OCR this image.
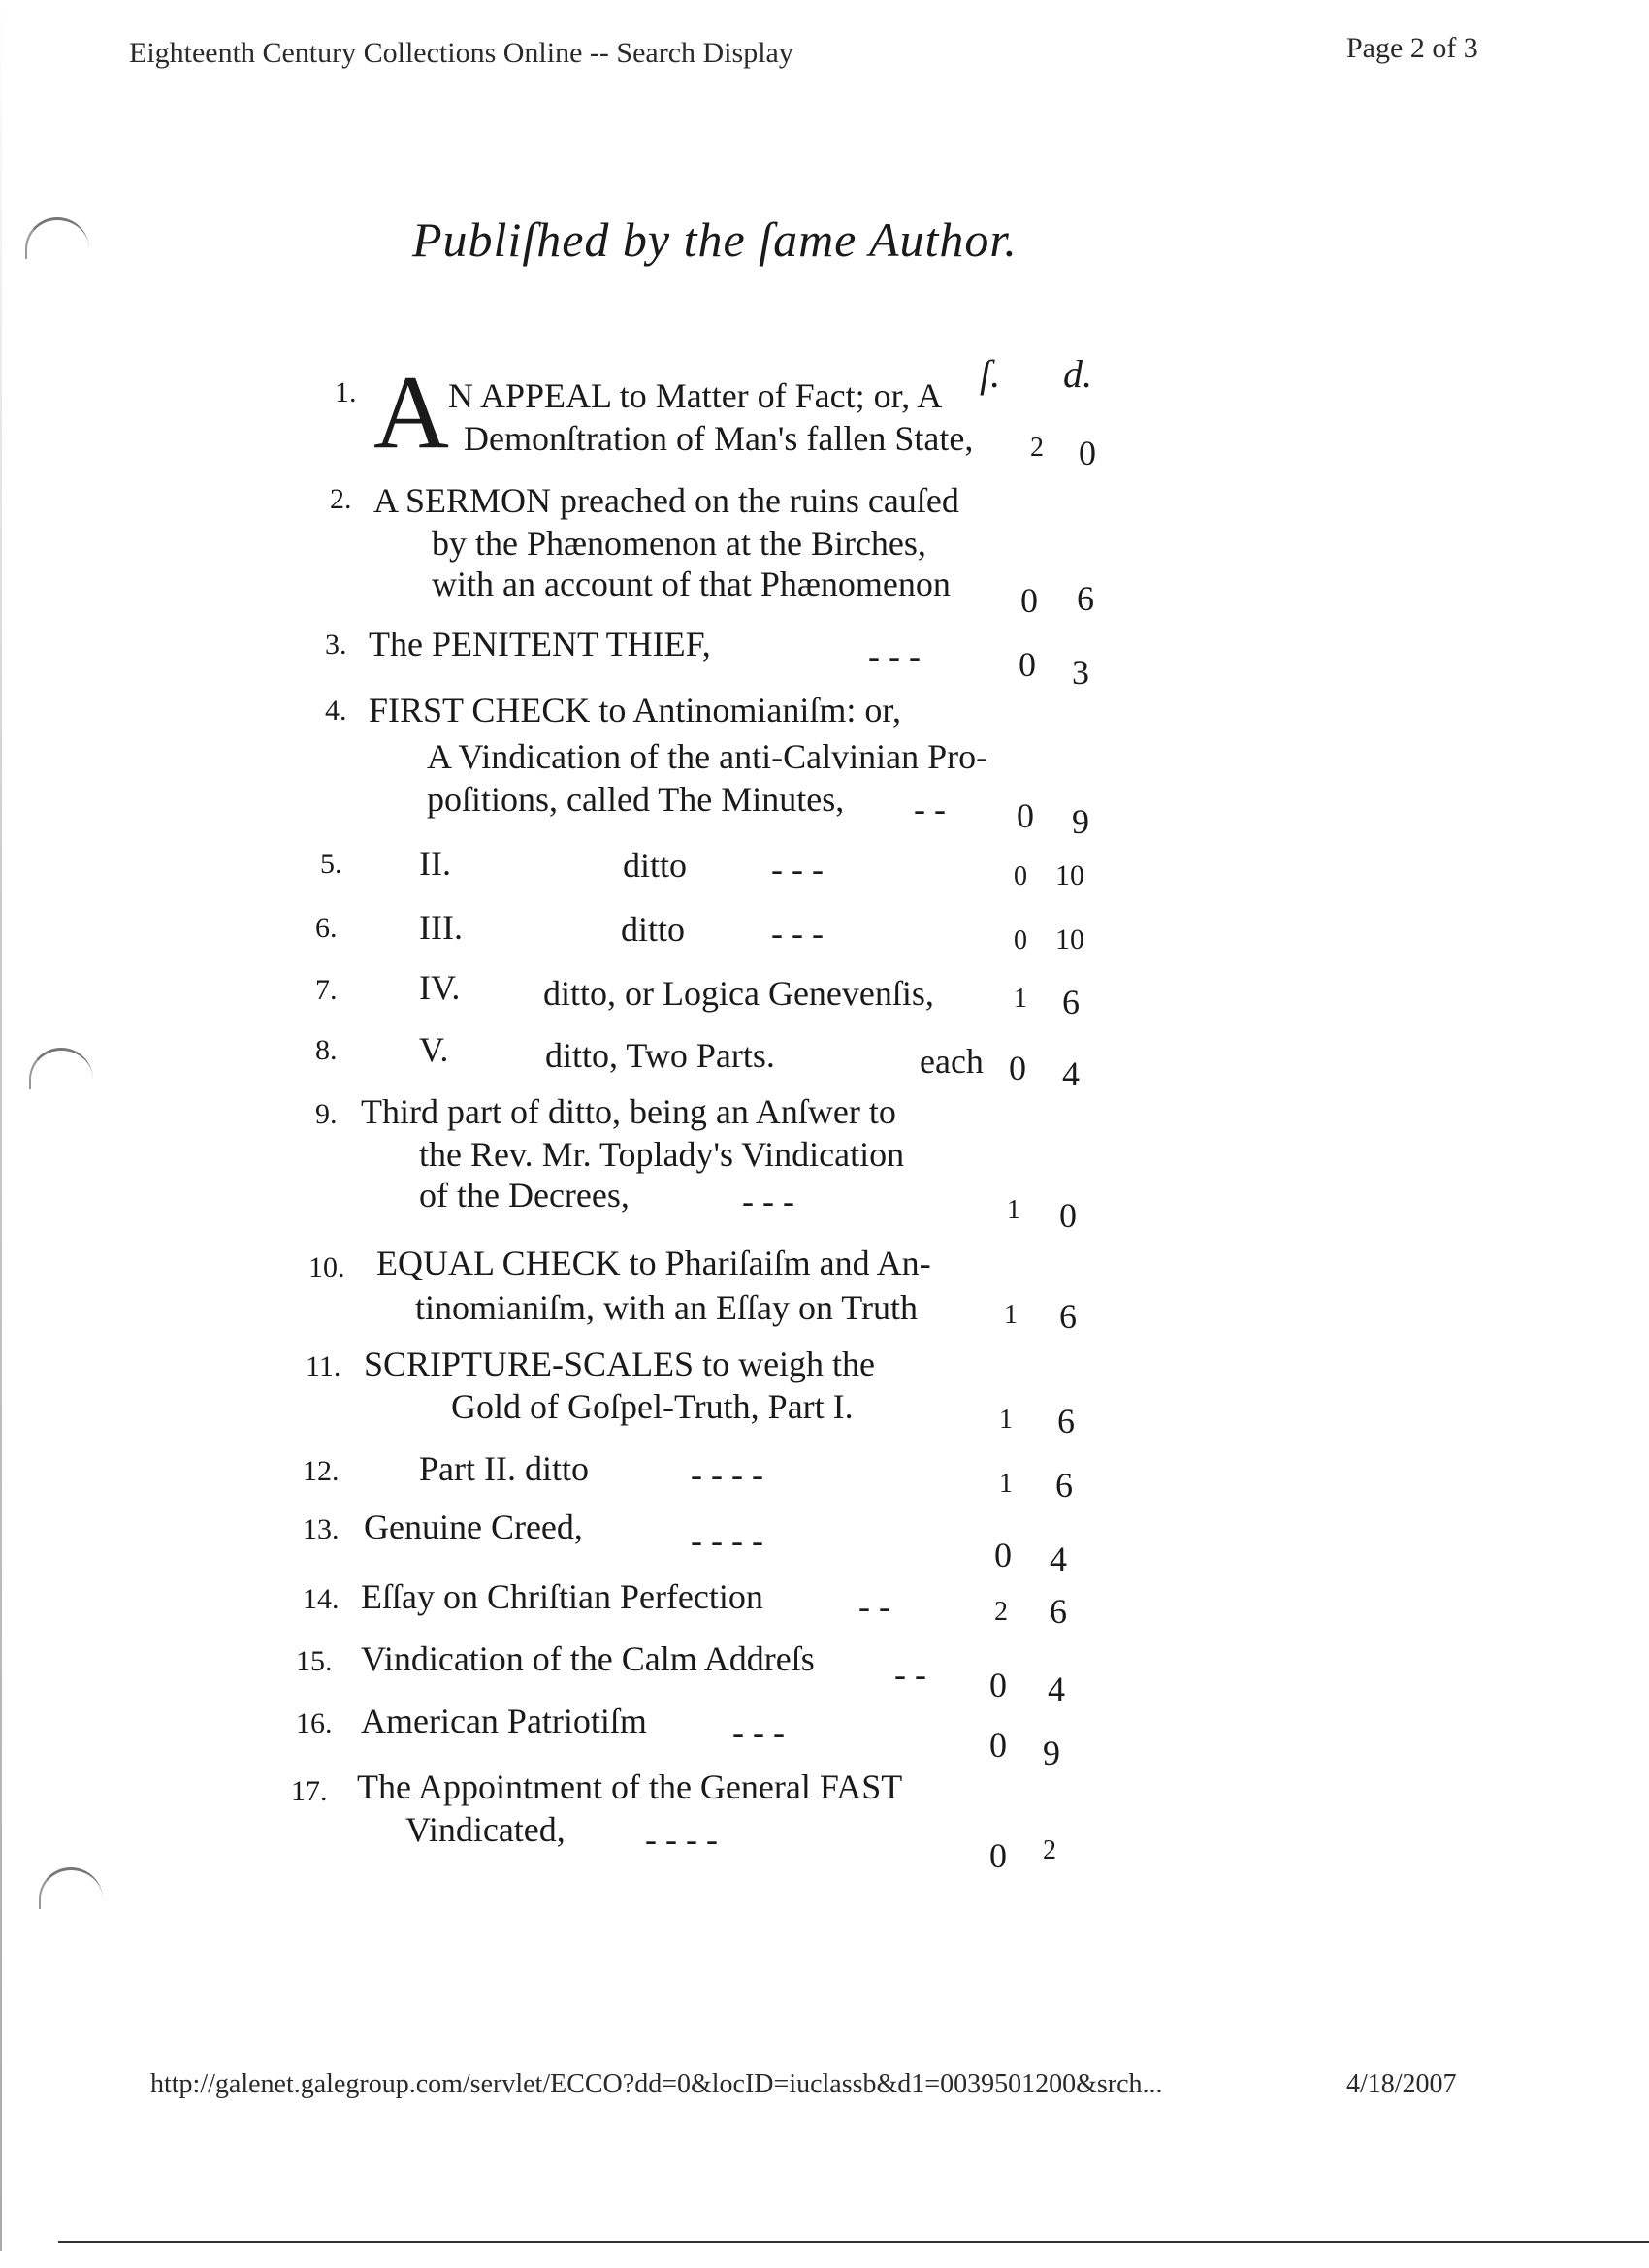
Eighteenth Century Collections Online -- Search Display	Page 2 of 3
Publiſhed by the ſame Author.
ſ. d.
1. A N APPEAL to Matter of Fact; or, A
Demonſtration of Man's fallen State, 2 0
2. A SERMON preached on the ruins cauſed
by the Phænomenon at the Birches,
with an account of that Phænomenon 0 6
3. The PENITENT THIEF,	- - -	0 3
4. FIRST CHECK to Antinomianiſm: or,
A Vindication of the anti-Calvinian Pro-
poſitions, called The Minutes, - - 0 9
5. II.	ditto - - -	0 10
6. III.	ditto - - -	0 10
7. IV. ditto, or Logica Genevenſis,	1 6
8. V.	ditto, Two Parts.	each 0 4
9. Third part of ditto, being an Anſwer to
the Rev. Mr. Toplady's Vindication
of the Decrees,	- - -	1 0
10. EQUAL CHECK to Phariſaiſm and An-
tinomianiſm, with an Eſſay on Truth	1 6
11. SCRIPTURE-SCALES to weigh the
Gold of Goſpel-Truth, Part I.	1 6
12. Part II. ditto	- - - -	1 6
13. Genuine Creed,	- - - -	0 4
14. Eſſay on Chriſtian Perfection	- -	2 6
15. Vindication of the Calm Addreſs - - 0 4
16. American Patriotiſm - - -	0 9
17. The Appointment of the General FAST
Vindicated, - - - -	0 2
http://galenet.galegroup.com/servlet/ECCO?dd=0&locID=iuclassb&d1=0039501200&srch...	4/18/2007
